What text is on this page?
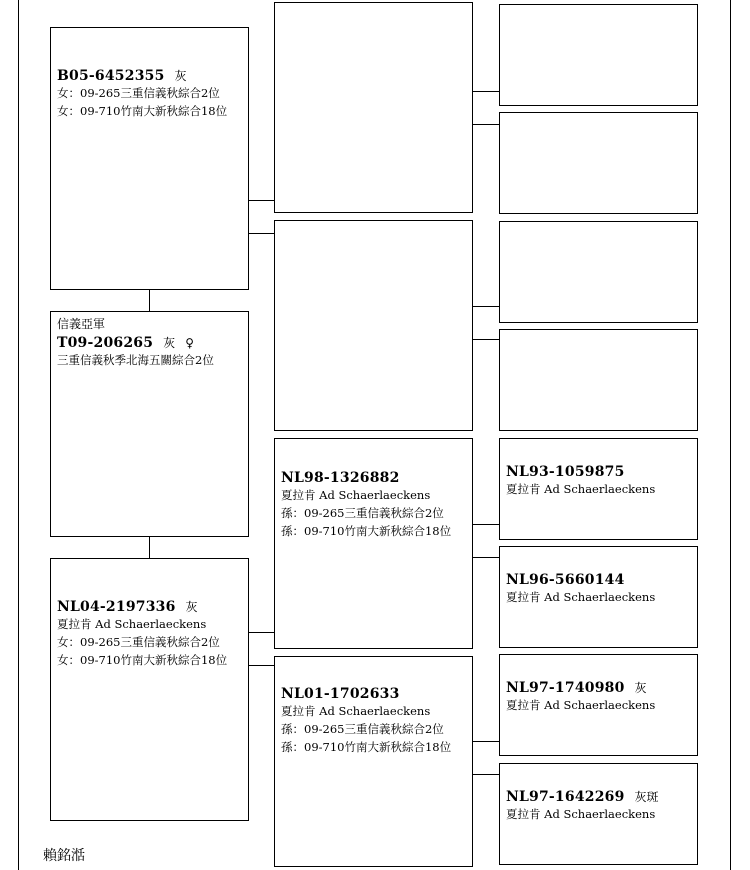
B05-6452355 灰
女：09-265三重信義秋綜合2位
女：09-710竹南大新秋綜合18位
信義亞軍
T09-206265 灰 ♀
三重信義秋季北海五關綜合2位
NL04-2197336 灰
夏拉肯 Ad Schaerlaeckens
女：09-265三重信義秋綜合2位
女：09-710竹南大新秋綜合18位
NL98-1326882
夏拉肯 Ad Schaerlaeckens
孫：09-265三重信義秋綜合2位
孫：09-710竹南大新秋綜合18位
NL01-1702633
夏拉肯 Ad Schaerlaeckens
孫：09-265三重信義秋綜合2位
孫：09-710竹南大新秋綜合18位
NL93-1059875
夏拉肯 Ad Schaerlaeckens
NL96-5660144
夏拉肯 Ad Schaerlaeckens
NL97-1740980 灰
夏拉肯 Ad Schaerlaeckens
NL97-1642269 灰斑
夏拉肯 Ad Schaerlaeckens
賴銘湉
